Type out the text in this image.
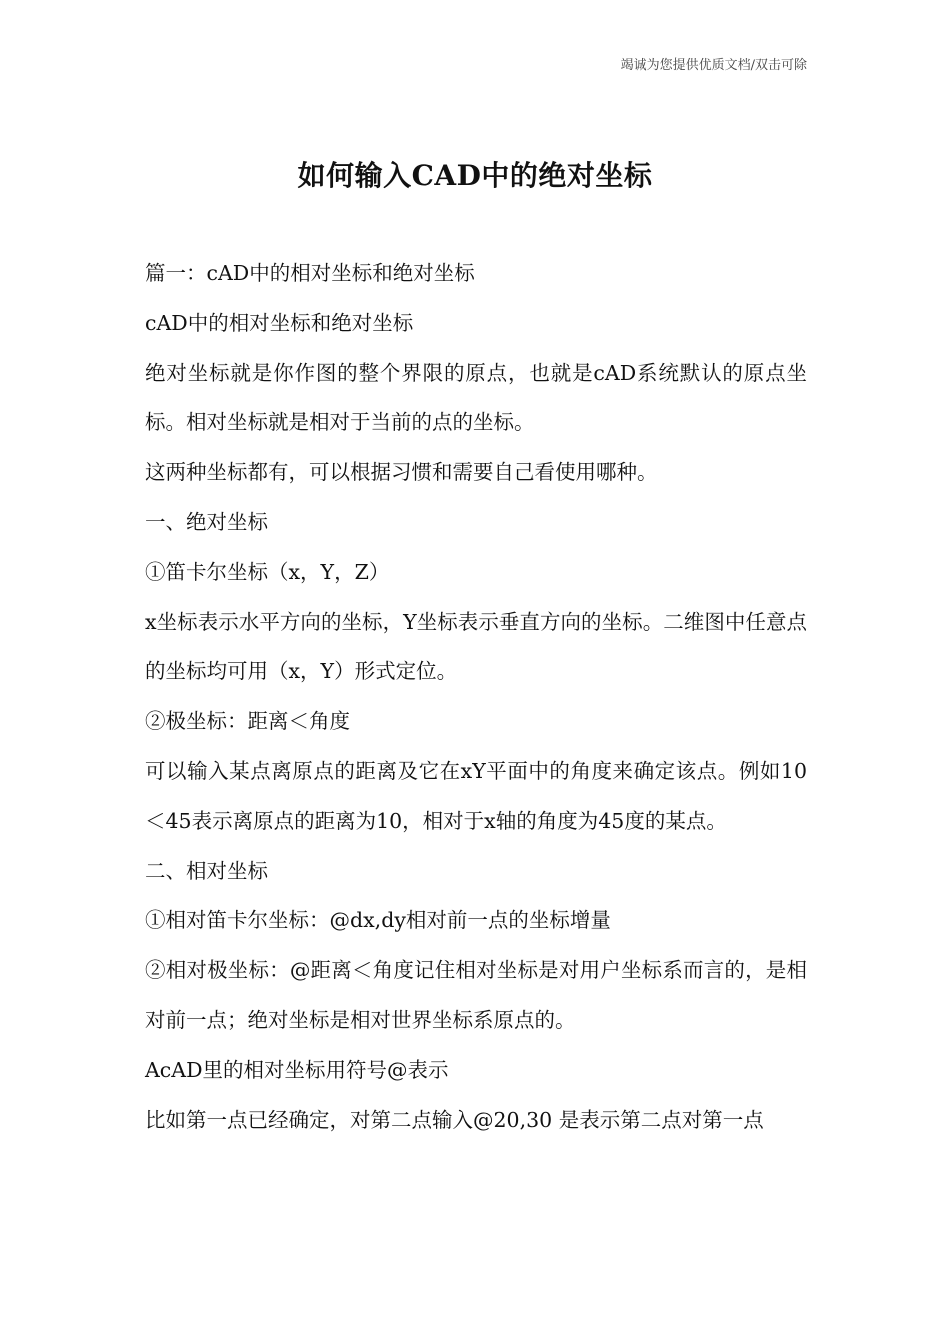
竭诚为您提供优质文档/双击可除
如何输入CAD中的绝对坐标

篇一：cAD中的相对坐标和绝对坐标

cAD中的相对坐标和绝对坐标

绝对坐标就是你作图的整个界限的原点，也就是cAD系统默认的原点坐标。相对坐标就是相对于当前的点的坐标。

这两种坐标都有，可以根据习惯和需要自己看使用哪种。

一、绝对坐标

①笛卡尔坐标（x，Y，Z）

x坐标表示水平方向的坐标，Y坐标表示垂直方向的坐标。二维图中任意点的坐标均可用（x，Y）形式定位。

②极坐标：距离＜角度

可以输入某点离原点的距离及它在xY平面中的角度来确定该点。例如10＜45表示离原点的距离为10，相对于x轴的角度为45度的某点。

二、相对坐标

①相对笛卡尔坐标：@dx,dy相对前一点的坐标增量

②相对极坐标：@距离＜角度记住相对坐标是对用户坐标系而言的，是相对前一点；绝对坐标是相对世界坐标系原点的。

AcAD里的相对坐标用符号@表示

比如第一点已经确定，对第二点输入@20,30 是表示第二点对第一点
